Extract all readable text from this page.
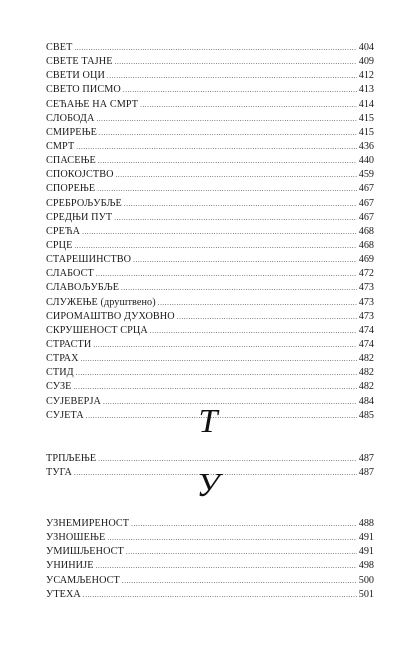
СВЕТ .....	404
СВЕТЕ ТАЈНЕ .....	409
СВЕТИ ОЦИ .....	412
СВЕТО ПИСМО .....	413
СЕЋАЊЕ НА СМРТ .....	414
СЛОБОДА .....	415
СМИРЕЊЕ .....	415
СМРТ .....	436
СПАСЕЊЕ .....	440
СПОКОЈСТВО .....	459
СПОРЕЊЕ .....	467
СРЕБРОЉУБЉЕ .....	467
СРЕДЊИ ПУТ .....	467
СРЕЋА .....	468
СРЦЕ .....	468
СТАРЕШИНСТВО .....	469
СЛАБОСТ .....	472
СЛАВОЉУБЉЕ .....	473
СЛУЖЕЊЕ (друштвено) .....	473
СИРОМАШТВО ДУХОВНО .....	473
СКРУШЕНОСТ СРЦА .....	474
СТРАСТИ .....	474
СТРАХ .....	482
СТИД .....	482
СУЗЕ .....	482
СУЈЕВЕРЈА .....	484
СУЈЕТА .....	485
Т
ТРПЉЕЊЕ .....	487
ТУГА .....	487
У
УЗНЕМИРЕНОСТ .....	488
УЗНОШЕЊЕ .....	491
УМИШЉЕНОСТ .....	491
УНИНИЈЕ .....	498
УСАМЉЕНОСТ .....	500
УТЕХА .....	501
